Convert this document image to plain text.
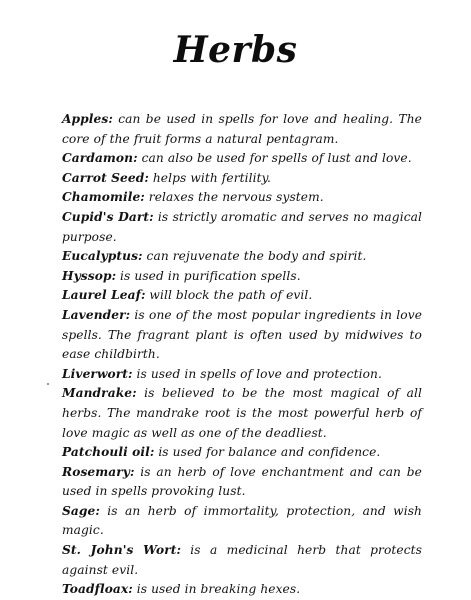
Herbs

Apples: can be used in spells for love and healing. The core of the fruit forms a natural pentagram.

Cardamon: can also be used for spells of lust and love.

Carrot Seed: helps with fertility.

Chamomile: relaxes the nervous system.

Cupid's Dart: is strictly aromatic and serves no magical purpose.

Eucalyptus: can rejuvenate the body and spirit.

Hyssop: is used in purification spells.

Laurel Leaf: will block the path of evil.

Lavender: is one of the most popular ingredients in love spells. The fragrant plant is often used by midwives to ease childbirth.

Liverwort: is used in spells of love and protection.

Mandrake: is believed to be the most magical of all herbs. The mandrake root is the most powerful herb of love magic as well as one of the deadliest.

Patchouli oil: is used for balance and confidence.

Rosemary: is an herb of love enchantment and can be used in spells provoking lust.

Sage: is an herb of immortality, protection, and wish magic.

St. John's Wort: is a medicinal herb that protects against evil.

Toadfloax: is used in breaking hexes.
